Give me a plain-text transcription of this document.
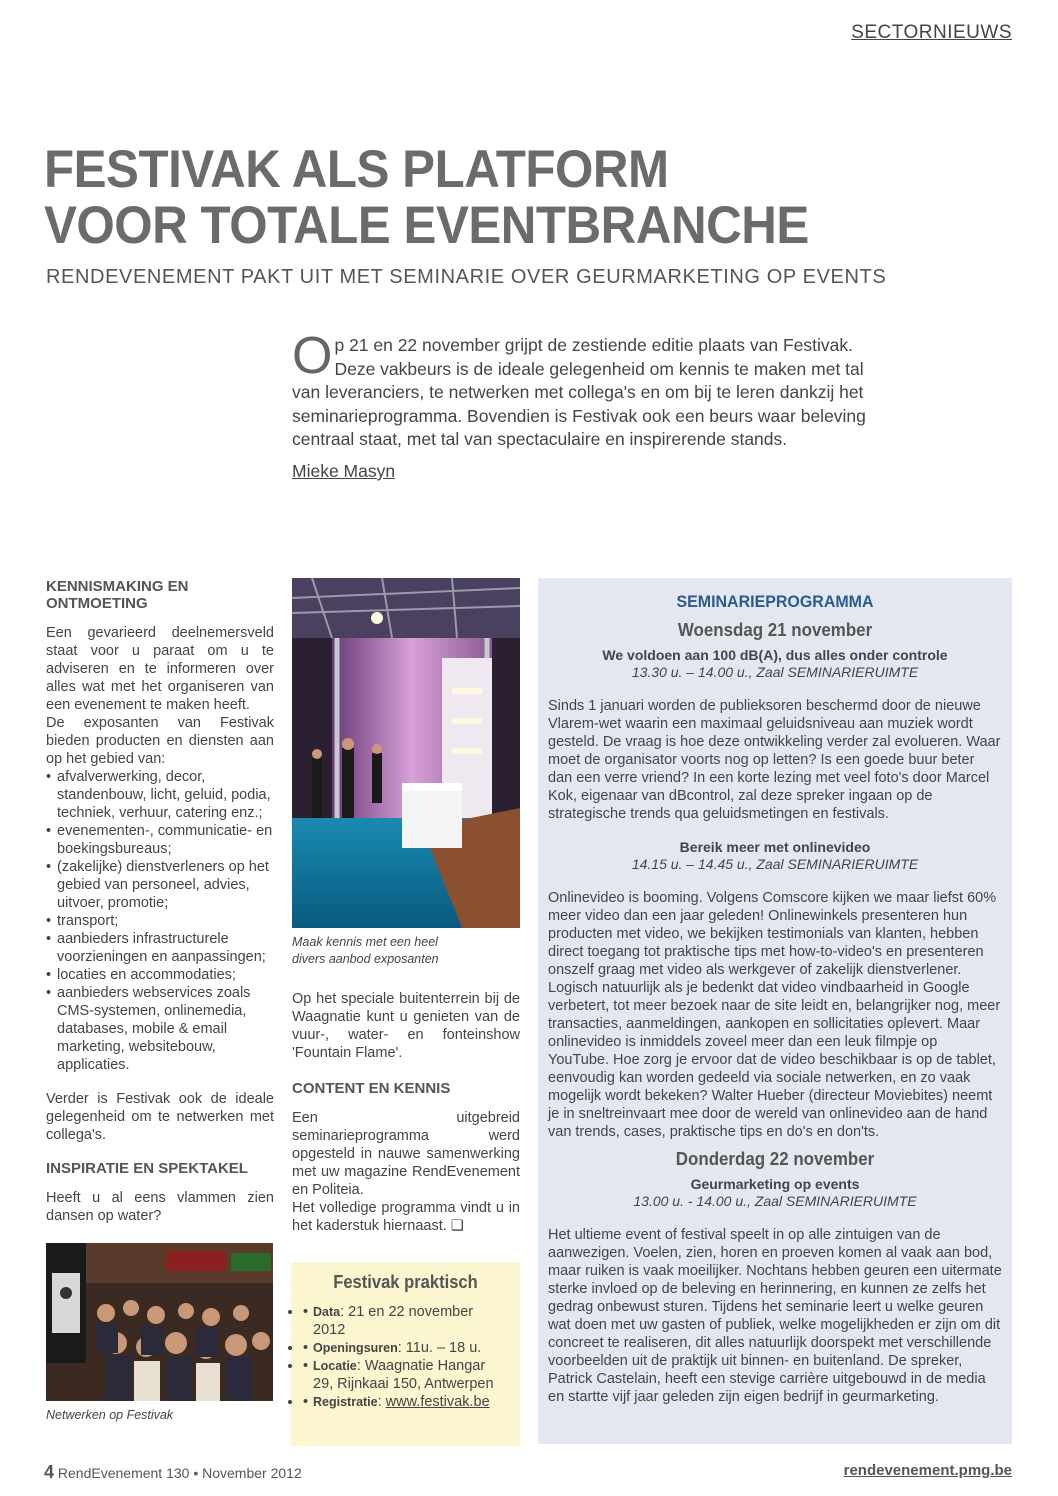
SECTORNIEUWS
FESTIVAK ALS PLATFORM
VOOR TOTALE EVENTBRANCHE
RENDEVENEMENT PAKT UIT MET SEMINARIE OVER GEURMARKETING OP EVENTS
Op 21 en 22 november grijpt de zestiende editie plaats van Festivak. Deze vakbeurs is de ideale gelegenheid om kennis te maken met tal van leveranciers, te netwerken met collega's en om bij te leren dankzij het seminarieprogramma. Bovendien is Festivak ook een beurs waar beleving centraal staat, met tal van spectaculaire en inspirerende stands.
Mieke Masyn
KENNISMAKING EN ONTMOETING

Een gevarieerd deelnemersveld staat voor u paraat om u te adviseren en te informeren over alles wat met het organiseren van een evenement te maken heeft.

De exposanten van Festivak bieden producten en diensten aan op het gebied van:

• afvalverwerking, decor, standenbouw, licht, geluid, podia, techniek, verhuur, catering enz.;
• evenementen-, communicatie- en boekingsbureaus;
• (zakelijke) dienstverleners op het gebied van personeel, advies, uitvoer, promotie;
• transport;
• aanbieders infrastructurele voorzieningen en aanpassingen;
• locaties en accommodaties;
• aanbieders webservices zoals CMS-systemen, onlinemedia, databases, mobile & email marketing, websitebouw, applicaties.

Verder is Festivak ook de ideale gelegenheid om te netwerken met collega's.

INSPIRATIE EN SPEKTAKEL

Heeft u al eens vlammen zien dansen op water?

Netwerken op Festivak
Maak kennis met een heel divers aanbod exposanten

Op het speciale buitenterrein bij de Waagnatie kunt u genieten van de vuur-, water- en fonteinshow 'Fountain Flame'.

CONTENT EN KENNIS

Een uitgebreid seminarieprogramma werd opgesteld in nauwe samenwerking met uw magazine RendEvenement en Politeia.

Het volledige programma vindt u in het kaderstuk hiernaast. ❏

Festivak praktisch
• • Data: 21 en 22 november 2012
• • Openingsuren: 11u. – 18 u.
• • Locatie: Waagnatie Hangar 29, Rijnkaai 150, Antwerpen
• • Registratie: www.festivak.be
SEMINARIEPROGRAMMA
Woensdag 21 november
We voldoen aan 100 dB(A), dus alles onder controle
13.30 u. – 14.00 u., Zaal SEMINARIERUIMTE

Sinds 1 januari worden de publieksoren beschermd door de nieuwe Vlarem-wet waarin een maximaal geluidsniveau aan muziek wordt gesteld. De vraag is hoe deze ontwikkeling verder zal evolueren. Waar moet de organisator voorts nog op letten? Is een goede buur beter dan een verre vriend? In een korte lezing met veel foto's door Marcel Kok, eigenaar van dBcontrol, zal deze spreker ingaan op de strategische trends qua geluidsmetingen en festivals.

Bereik meer met onlinevideo
14.15 u. – 14.45 u., Zaal SEMINARIERUIMTE

Onlinevideo is booming. Volgens Comscore kijken we maar liefst 60% meer video dan een jaar geleden! Onlinewinkels presenteren hun producten met video, we bekijken testimonials van klanten, hebben direct toegang tot praktische tips met how-to-video's en presenteren onszelf graag met video als werkgever of zakelijk dienstverlener. Logisch natuurlijk als je bedenkt dat video vindbaarheid in Google verbetert, tot meer bezoek naar de site leidt en, belangrijker nog, meer transacties, aanmeldingen, aankopen en sollicitaties oplevert. Maar onlinevideo is inmiddels zoveel meer dan een leuk filmpje op YouTube. Hoe zorg je ervoor dat de video beschikbaar is op de tablet, eenvoudig kan worden gedeeld via sociale netwerken, en zo vaak mogelijk wordt bekeken? Walter Hueber (directeur Moviebites) neemt je in sneltreinvaart mee door de wereld van onlinevideo aan de hand van trends, cases, praktische tips en do's en don'ts.

Donderdag 22 november
Geurmarketing op events
13.00 u. - 14.00 u., Zaal SEMINARIERUIMTE

Het ultieme event of festival speelt in op alle zintuigen van de aanwezigen. Voelen, zien, horen en proeven komen al vaak aan bod, maar ruiken is vaak moeilijker. Nochtans hebben geuren een uitermate sterke invloed op de beleving en herinnering, en kunnen ze zelfs het gedrag onbewust sturen. Tijdens het seminarie leert u welke geuren wat doen met uw gasten of publiek, welke mogelijkheden er zijn om dit concreet te realiseren, dit alles natuurlijk doorspekt met verschillende voorbeelden uit de praktijk uit binnen- en buitenland. De spreker, Patrick Castelain, heeft een stevige carrière uitgebouwd in de media en startte vijf jaar geleden zijn eigen bedrijf in geurmarketing.

4 RendEvenement 130 • November 2012	rendevenement.pmg.be
